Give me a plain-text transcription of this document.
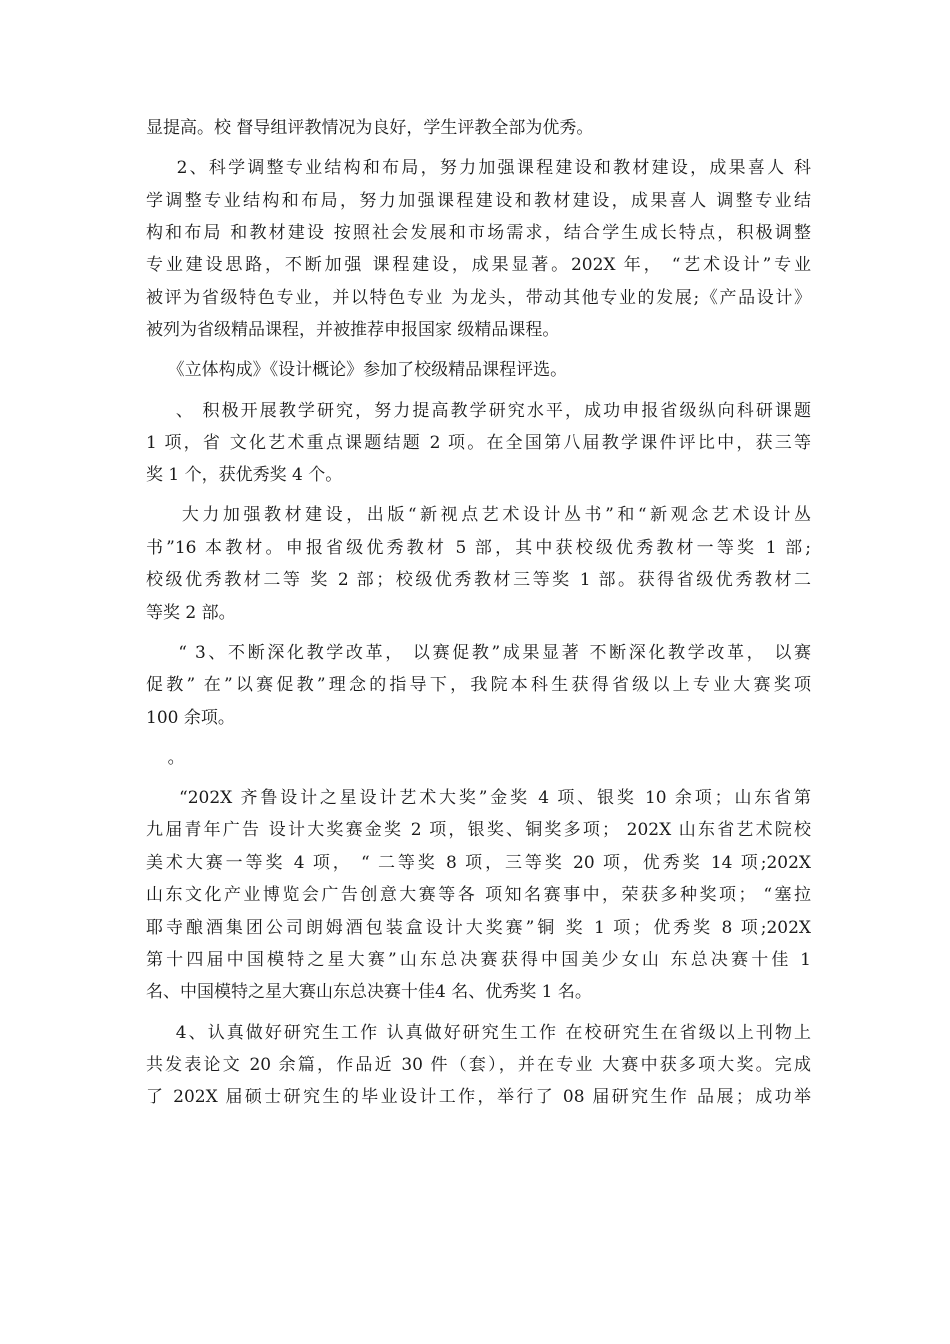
显提高。校 督导组评教情况为良好，学生评教全部为优秀。
2、科学调整专业结构和布局，努力加强课程建设和教材建设，成果喜人 科
学调整专业结构和布局，努力加强课程建设和教材建设，成果喜人 调整专业结
构和布局 和教材建设 按照社会发展和市场需求，结合学生成长特点，积极调整
专业建设思路，不断加强 课程建设，成果显著。202X 年， “艺术设计”专业
被评为省级特色专业，并以特色专业 为龙头，带动其他专业的发展;《产品设计》
被列为省级精品课程，并被推荐申报国家 级精品课程。
《立体构成》《设计概论》参加了校级精品课程评选。
、 积极开展教学研究，努力提高教学研究水平，成功申报省级纵向科研课题
1 项，省 文化艺术重点课题结题 2 项。在全国第八届教学课件评比中，获三等
奖 1 个，获优秀奖 4 个。
大力加强教材建设，出版“新视点艺术设计丛书”和“新观念艺术设计丛
书”16 本教材。申报省级优秀教材 5 部，其中获校级优秀教材一等奖 1 部;
校级优秀教材二等 奖 2 部；校级优秀教材三等奖 1 部。获得省级优秀教材二
等奖 2 部。
“ 3、不断深化教学改革， 以赛促教”成果显著 不断深化教学改革， 以赛
促教” 在”以赛促教”理念的指导下，我院本科生获得省级以上专业大赛奖项
100 余项。
。
“202X 齐鲁设计之星设计艺术大奖”金奖 4 项、银奖 10 余项；山东省第
九届青年广告 设计大奖赛金奖 2 项，银奖、铜奖多项； 202X 山东省艺术院校
美术大赛一等奖 4 项， “ 二等奖 8 项，三等奖 20 项，优秀奖 14 项;202X
山东文化产业博览会广告创意大赛等各 项知名赛事中，荣获多种奖项； “塞拉
耶寺酿酒集团公司朗姆酒包装盒设计大奖赛”铜 奖 1 项；优秀奖 8 项;202X
第十四届中国模特之星大赛”山东总决赛获得中国美少女山 东总决赛十佳 1
名、中国模特之星大赛山东总决赛十佳4 名、优秀奖 1 名。
4、认真做好研究生工作 认真做好研究生工作 在校研究生在省级以上刊物上
共发表论文 20 余篇，作品近 30 件（套），并在专业 大赛中获多项大奖。完成
了 202X 届硕士研究生的毕业设计工作，举行了 08 届研究生作 品展；成功举
